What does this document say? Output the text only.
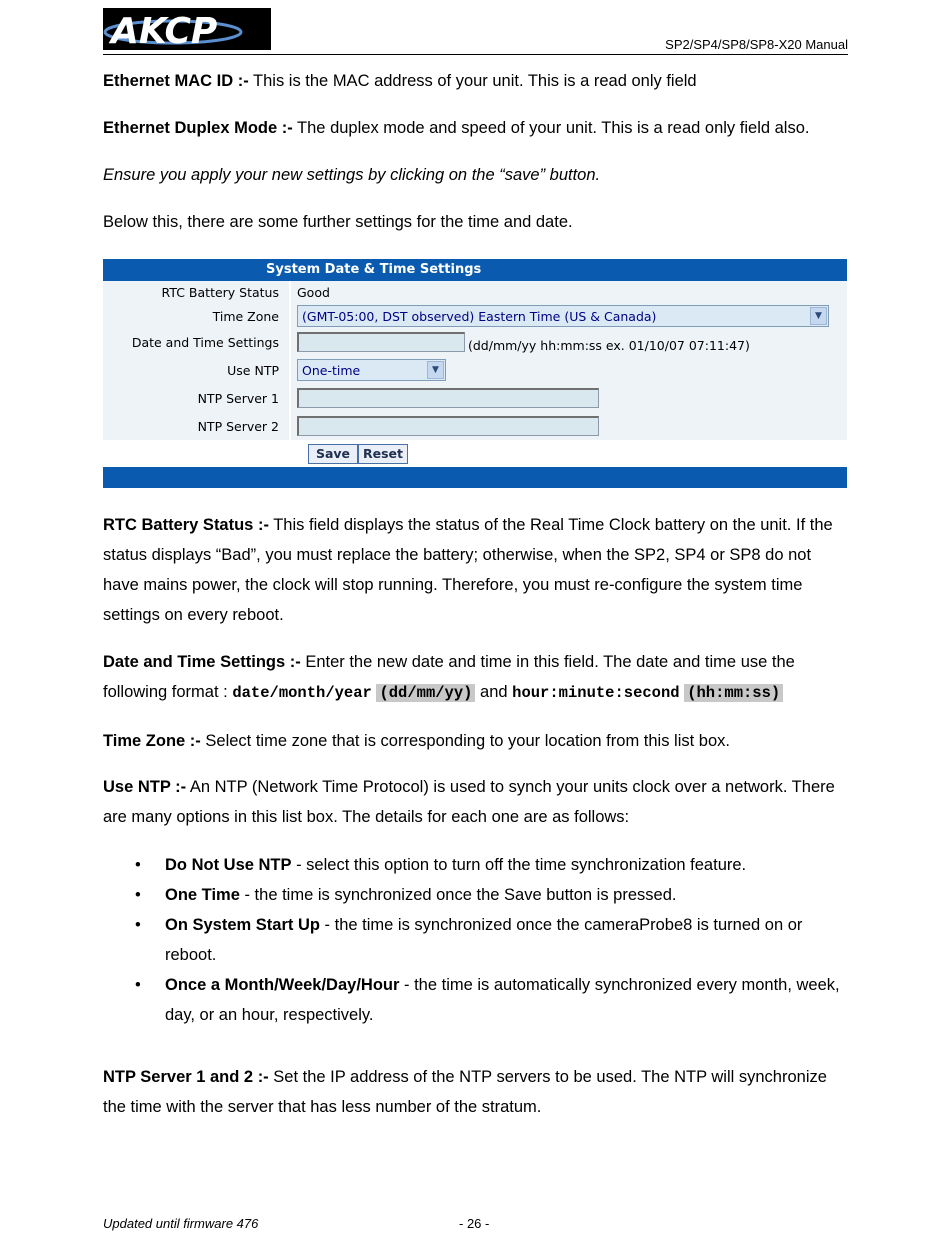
AKCP	SP2/SP4/SP8/SP8-X20 Manual
Ethernet MAC ID :- This is the MAC address of your unit. This is a read only field
Ethernet Duplex Mode :- The duplex mode and speed of your unit. This is a read only field also.
Ensure you apply your new settings by clicking on the “save” button.
Below this, there are some further settings for the time and date.
System Date & Time Settings
RTC Battery Status Good
Time Zone (GMT-05:00, DST observed) Eastern Time (US & Canada)	▼
Date and Time Settings	(dd/mm/yy hh:mm:ss ex. 01/10/07 07:11:47)
Use NTP One-time	▼
NTP Server 1
NTP Server 2
Save	Reset
RTC Battery Status :- This field displays the status of the Real Time Clock battery on the unit. If the status displays “Bad”, you must replace the battery; otherwise, when the SP2, SP4 or SP8 do not have mains power, the clock will stop running. Therefore, you must re-configure the system time settings on every reboot.
Date and Time Settings :- Enter the new date and time in this field. The date and time use the following format : date/month/year (dd/mm/yy) and hour:minute:second (hh:mm:ss)
Time Zone :- Select time zone that is corresponding to your location from this list box.
Use NTP :- An NTP (Network Time Protocol) is used to synch your units clock over a network. There are many options in this list box. The details for each one are as follows:
• Do Not Use NTP - select this option to turn off the time synchronization feature.
• One Time - the time is synchronized once the Save button is pressed.
• On System Start Up - the time is synchronized once the cameraProbe8 is turned on or reboot.
• Once a Month/Week/Day/Hour - the time is automatically synchronized every month, week, day, or an hour, respectively.
NTP Server 1 and 2 :- Set the IP address of the NTP servers to be used. The NTP will synchronize the time with the server that has less number of the stratum.
Updated until firmware 476	- 26 -
